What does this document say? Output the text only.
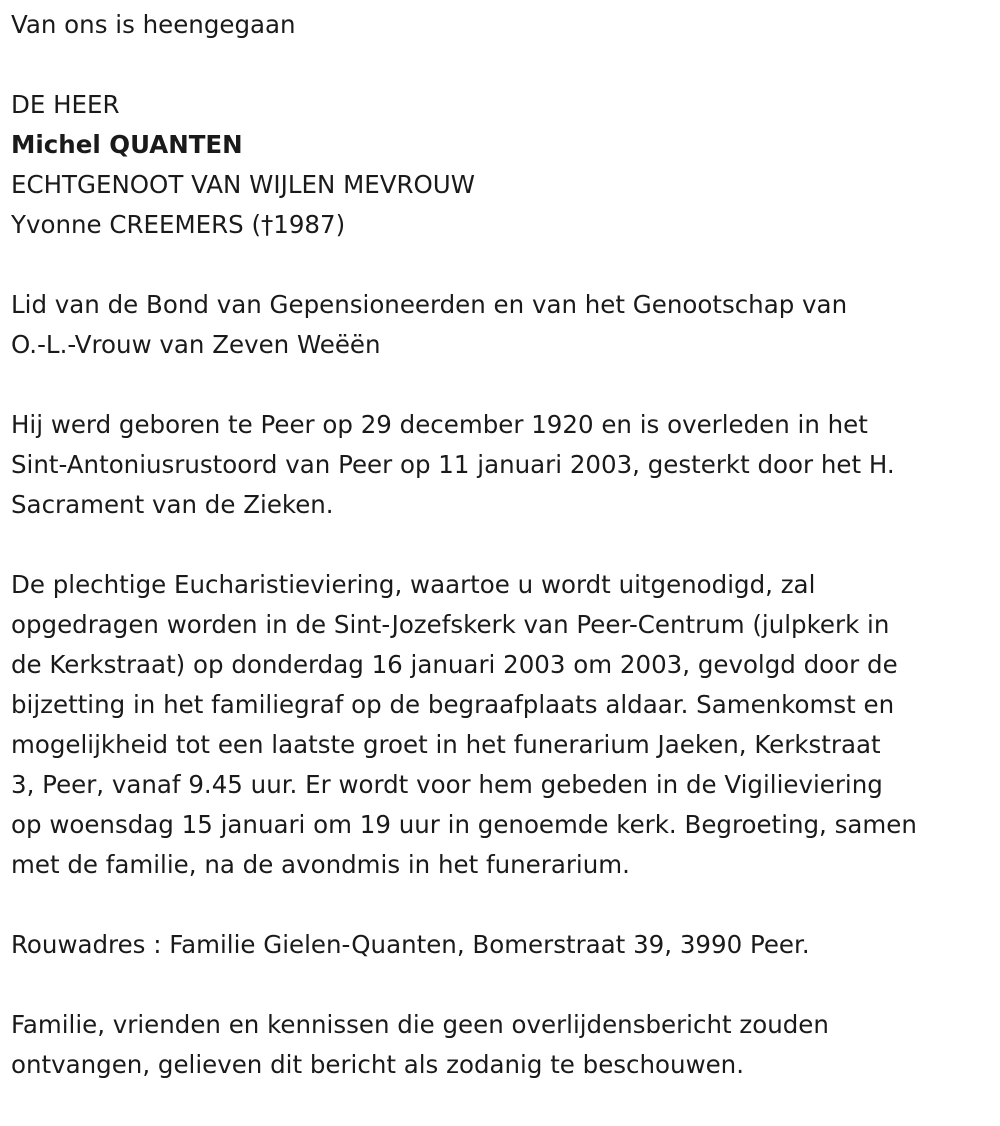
Van ons is heengegaan

DE HEER

Michel QUANTEN

ECHTGENOOT VAN WIJLEN MEVROUW

Yvonne CREEMERS (†1987)

Lid van de Bond van Gepensioneerden en van het Genootschap van

O.-L.-Vrouw van Zeven Weëën

Hij werd geboren te Peer op 29 december 1920 en is overleden in het

Sint-Antoniusrustoord van Peer op 11 januari 2003, gesterkt door het H.

Sacrament van de Zieken.

De plechtige Eucharistieviering, waartoe u wordt uitgenodigd, zal

opgedragen worden in de Sint-Jozefskerk van Peer-Centrum (julpkerk in

de Kerkstraat) op donderdag 16 januari 2003 om 2003, gevolgd door de

bijzetting in het familiegraf op de begraafplaats aldaar. Samenkomst en

mogelijkheid tot een laatste groet in het funerarium Jaeken, Kerkstraat

3, Peer, vanaf 9.45 uur. Er wordt voor hem gebeden in de Vigilieviering

op woensdag 15 januari om 19 uur in genoemde kerk. Begroeting, samen

met de familie, na de avondmis in het funerarium.

Rouwadres : Familie Gielen-Quanten, Bomerstraat 39, 3990 Peer.

Familie, vrienden en kennissen die geen overlijdensbericht zouden

ontvangen, gelieven dit bericht als zodanig te beschouwen.
